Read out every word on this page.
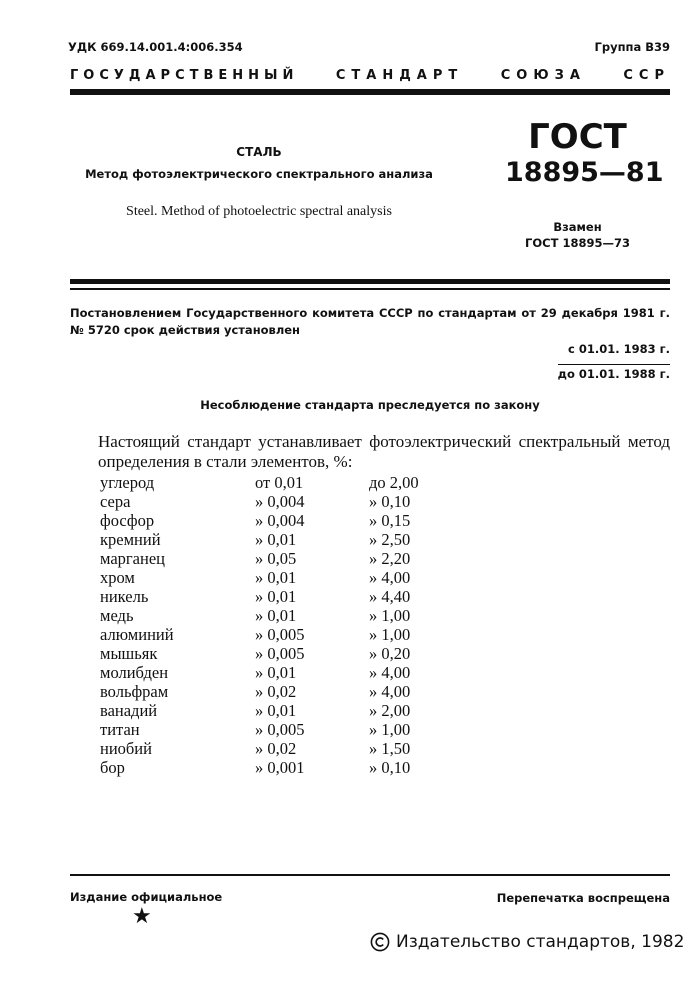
УДК 669.14.001.4:006.354	Группа В39
ГОСУДАРСТВЕННЫЙ	СТАНДАРТ	СОЮЗА	ССР
СТАЛЬ
Метод фотоэлектрического спектрального анализа
Steel. Method of photoelectric spectral analysis
ГОСТ
18895—81
Взамен
ГОСТ 18895—73
Постановлением Государственного комитета СССР по стандартам от 29 декабря 1981 г. № 5720 срок действия установлен
с 01.01. 1983 г.
до 01.01. 1988 г.
Несоблюдение стандарта преследуется по закону
Настоящий стандарт устанавливает фотоэлектрический спектральный метод определения в стали элементов, %:
углерод	от 0,01	до 2,00
сера	» 0,004	» 0,10
фосфор	» 0,004	» 0,15
кремний	» 0,01	» 2,50
марганец	» 0,05	» 2,20
хром	» 0,01	» 4,00
никель	» 0,01	» 4,40
медь	» 0,01	» 1,00
алюминий	» 0,005	» 1,00
мышьяк	» 0,005	» 0,20
молибден	» 0,01	» 4,00
вольфрам	» 0,02	» 4,00
ванадий	» 0,01	» 2,00
титан	» 0,005	» 1,00
ниобий	» 0,02	» 1,50
бор	» 0,001	» 0,10
Издание официальное
★
Перепечатка воспрещена
Издательство стандартов, 1982
